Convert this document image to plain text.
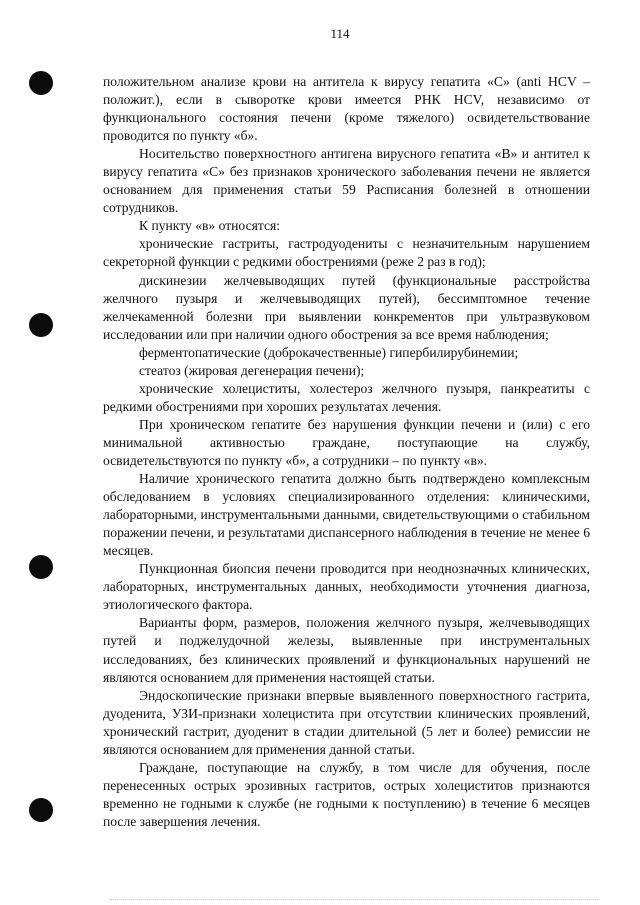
114

положительном анализе крови на антитела к вирусу гепатита «С» (anti HCV – положит.), если в сыворотке крови имеется РНК HCV, независимо от функционального состояния печени (кроме тяжелого) освидетельствование проводится по пункту «б».

Носительство поверхностного антигена вирусного гепатита «В» и антител к вирусу гепатита «С» без признаков хронического заболевания печени не является основанием для применения статьи 59 Расписания болезней в отношении сотрудников.

К пункту «в» относятся:

хронические гастриты, гастродуодениты с незначительным нарушением секреторной функции с редкими обострениями (реже 2 раз в год);

дискинезии желчевыводящих путей (функциональные расстройства желчного пузыря и желчевыводящих путей), бессимптомное течение желчекаменной болезни при выявлении конкрементов при ультразвуковом исследовании или при наличии одного обострения за все время наблюдения;

ферментопатические (доброкачественные) гипербилирубинемии;

стеатоз (жировая дегенерация печени);

хронические холециститы, холестероз желчного пузыря, панкреатиты с редкими обострениями при хороших результатах лечения.

При хроническом гепатите без нарушения функции печени и (или) с его минимальной активностью граждане, поступающие на службу, освидетельствуются по пункту «б», а сотрудники – по пункту «в».

Наличие хронического гепатита должно быть подтверждено комплексным обследованием в условиях специализированного отделения: клиническими, лабораторными, инструментальными данными, свидетельствующими о стабильном поражении печени, и результатами диспансерного наблюдения в течение не менее 6 месяцев.

Пункционная биопсия печени проводится при неоднозначных клинических, лабораторных, инструментальных данных, необходимости уточнения диагноза, этиологического фактора.

Варианты форм, размеров, положения желчного пузыря, желчевыводящих путей и поджелудочной железы, выявленные при инструментальных исследованиях, без клинических проявлений и функциональных нарушений не являются основанием для применения настоящей статьи.

Эндоскопические признаки впервые выявленного поверхностного гастрита, дуоденита, УЗИ-признаки холецистита при отсутствии клинических проявлений, хронический гастрит, дуоденит в стадии длительной (5 лет и более) ремиссии не являются основанием для применения данной статьи.

Граждане, поступающие на службу, в том числе для обучения, после перенесенных острых эрозивных гастритов, острых холециститов признаются временно не годными к службе (не годными к поступлению) в течение 6 месяцев после завершения лечения.
